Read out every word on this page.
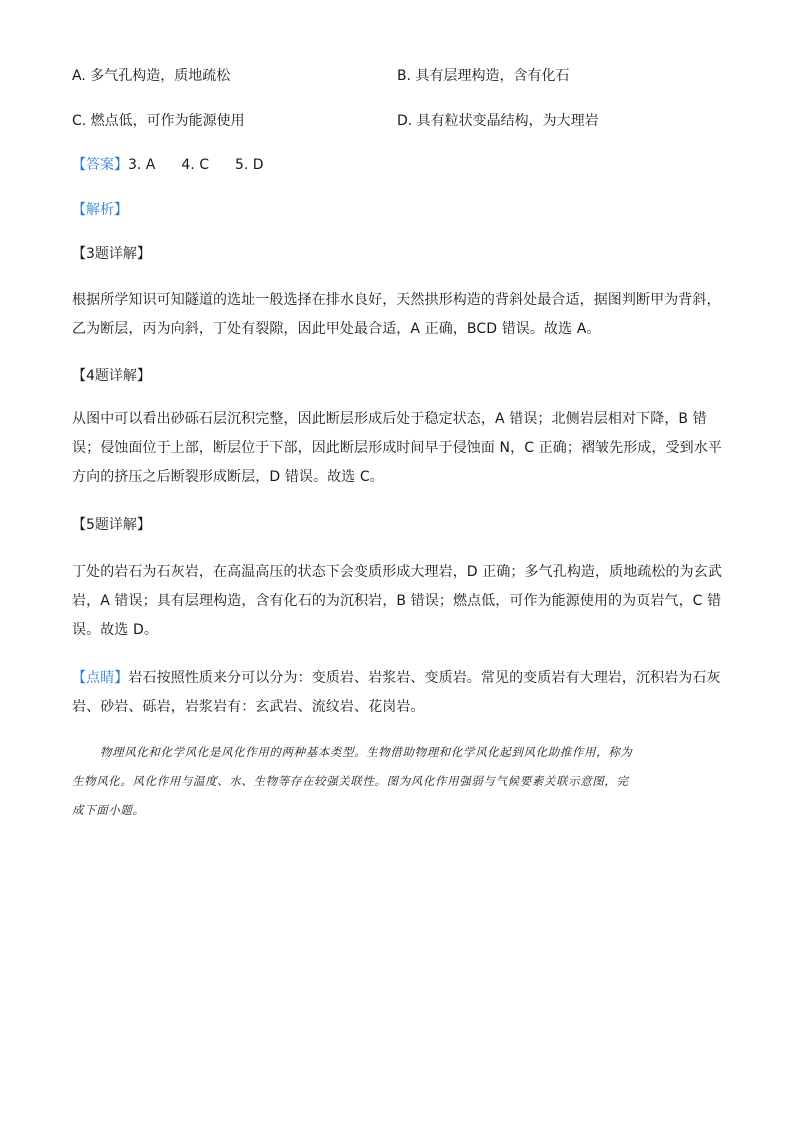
A. 多气孔构造，质地疏松	B. 具有层理构造，含有化石
C. 燃点低，可作为能源使用	D. 具有粒状变晶结构，为大理岩
【答案】3. A 4. C 5. D
【解析】
【3题详解】
根据所学知识可知隧道的选址一般选择在排水良好，天然拱形构造的背斜处最合适，据图判断甲为背斜，
乙为断层，丙为向斜，丁处有裂隙，因此甲处最合适，A 正确，BCD 错误。故选 A。
【4题详解】
从图中可以看出砂砾石层沉积完整，因此断层形成后处于稳定状态，A 错误；北侧岩层相对下降，B 错
误；侵蚀面位于上部，断层位于下部，因此断层形成时间早于侵蚀面 N，C 正确；褶皱先形成，受到水平
方向的挤压之后断裂形成断层，D 错误。故选 C。
【5题详解】
丁处的岩石为石灰岩，在高温高压的状态下会变质形成大理岩，D 正确；多气孔构造，质地疏松的为玄武
岩，A 错误；具有层理构造，含有化石的为沉积岩，B 错误；燃点低，可作为能源使用的为页岩气，C 错
误。故选 D。
【点睛】岩石按照性质来分可以分为：变质岩、岩浆岩、变质岩。常见的变质岩有大理岩，沉积岩为石灰
岩、砂岩、砾岩，岩浆岩有：玄武岩、流纹岩、花岗岩。
物理风化和化学风化是风化作用的两种基本类型。生物借助物理和化学风化起到风化助推作用，称为
生物风化。风化作用与温度、水、生物等存在较强关联性。图为风化作用强弱与气候要素关联示意图，完
成下面小题。
